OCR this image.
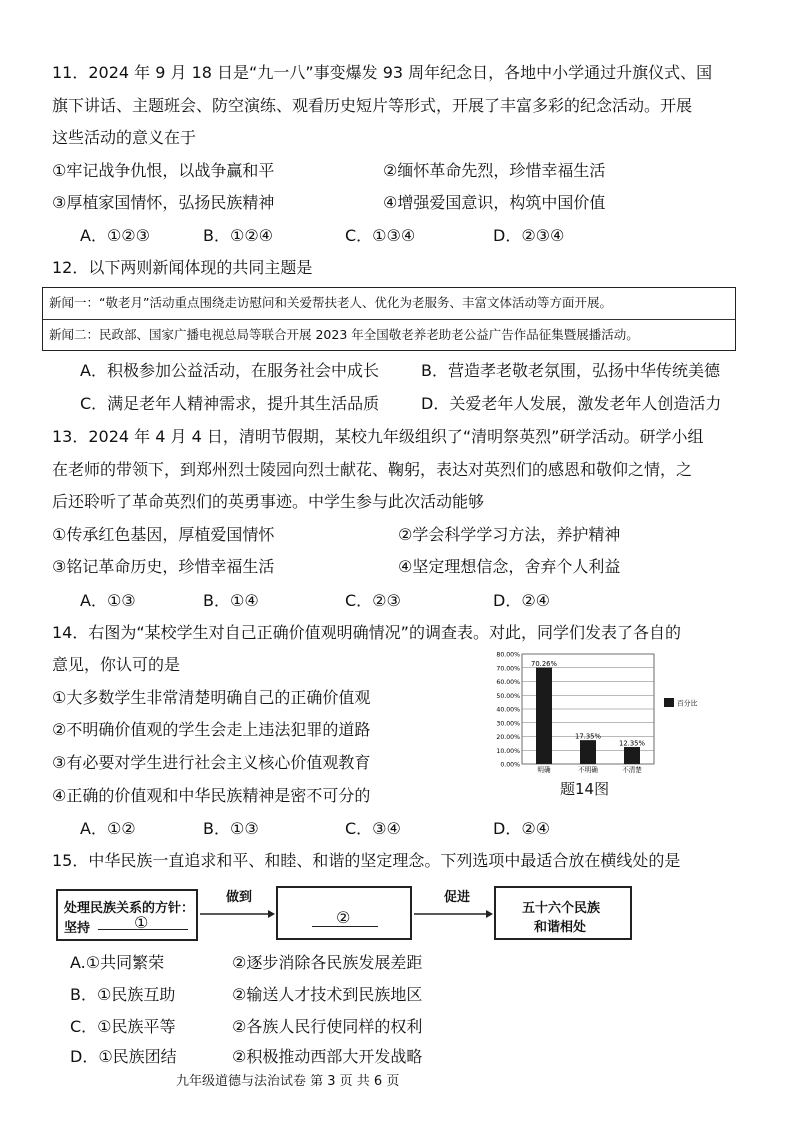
11．2024 年 9 月 18 日是“九一八”事变爆发 93 周年纪念日，各地中小学通过升旗仪式、国
旗下讲话、主题班会、防空演练、观看历史短片等形式，开展了丰富多彩的纪念活动。开展
这些活动的意义在于
①牢记战争仇恨，以战争赢和平	②缅怀革命先烈，珍惜幸福生活
③厚植家国情怀，弘扬民族精神	④增强爱国意识，构筑中国价值
A．①②③	B．①②④	C．①③④	D．②③④
12．以下两则新闻体现的共同主题是
新闻一：“敬老月”活动重点围绕走访慰问和关爱帮扶老人、优化为老服务、丰富文体活动等方面开展。
新闻二：民政部、国家广播电视总局等联合开展 2023 年全国敬老养老助老公益广告作品征集暨展播活动。
A．积极参加公益活动，在服务社会中成长	B．营造孝老敬老氛围，弘扬中华传统美德
C．满足老年人精神需求，提升其生活品质	D．关爱老年人发展，激发老年人创造活力
13．2024 年 4 月 4 日，清明节假期，某校九年级组织了“清明祭英烈”研学活动。研学小组
在老师的带领下，到郑州烈士陵园向烈士献花、鞠躬，表达对英烈们的感恩和敬仰之情，之
后还聆听了革命英烈们的英勇事迹。中学生参与此次活动能够
①传承红色基因，厚植爱国情怀	②学会科学学习方法，养护精神
③铭记革命历史，珍惜幸福生活	④坚定理想信念，舍弃个人利益
A．①③	B．①④	C．②③	D．②④
14．右图为“某校学生对自己正确价值观明确情况”的调查表。对此，同学们发表了各自的
意见，你认可的是
①大多数学生非常清楚明确自己的正确价值观
②不明确价值观的学生会走上违法犯罪的道路
③有必要对学生进行社会主义核心价值观教育
④正确的价值观和中华民族精神是密不可分的
A．①②	B．①③	C．③④	D．②④
0.00%
10.00%
20.00%
30.00%
40.00%
50.00%
60.00%
70.00%
80.00%
70.26%
明确
17.35%
不明确
12.35%
不清楚
百分比
题14图
15．中华民族一直追求和平、和睦、和谐的坚定理念。下列选项中最适合放在横线处的是
处理民族关系的方针：
坚持	①
做到
②
促进
五十六个民族
和谐相处
A.①共同繁荣	②逐步消除各民族发展差距
B．①民族互助	②输送人才技术到民族地区
C．①民族平等	②各族人民行使同样的权利
D．①民族团结	②积极推动西部大开发战略
九年级道德与法治试卷 第 3 页 共 6 页
